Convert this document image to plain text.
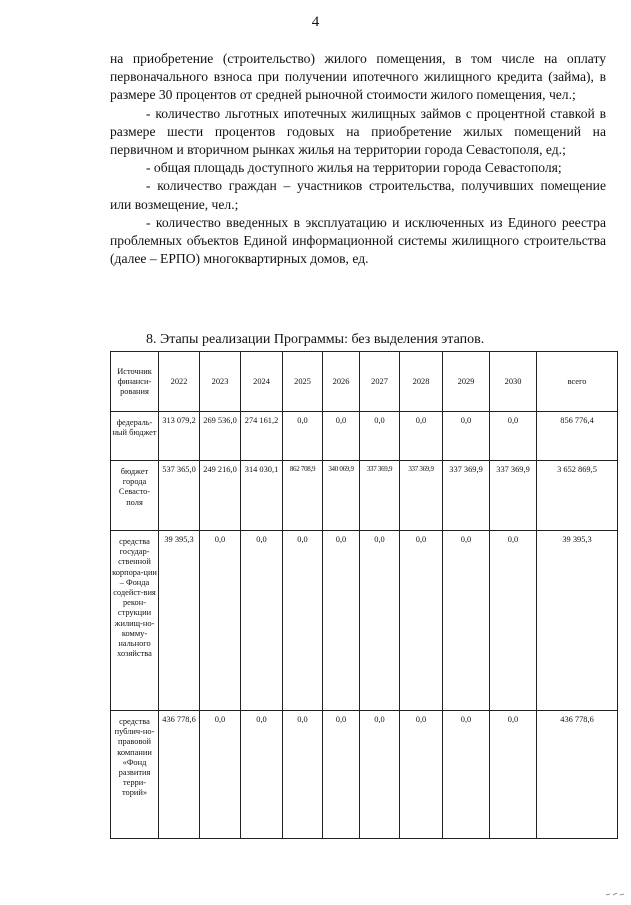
4

на приобретение (строительство) жилого помещения, в том числе на оплату первоначального взноса при получении ипотечного жилищного кредита (займа), в размере 30 процентов от средней рыночной стоимости жилого помещения, чел.;

- количество льготных ипотечных жилищных займов с процентной ставкой в размере шести процентов годовых на приобретение жилых помещений на первичном и вторичном рынках жилья на территории города Севастополя, ед.;

- общая площадь доступного жилья на территории города Севастополя;

- количество граждан – участников строительства, получивших помещение или возмещение, чел.;

- количество введенных в эксплуатацию и исключенных из Единого реестра проблемных объектов Единой информационной системы жилищного строительства (далее – ЕРПО) многоквартирных домов, ед.

8. Этапы реализации Программы: без выделения этапов.
Источник финанси-рования	2022	2023	2024	2025	2026	2027	2028	2029	2030	всего
федераль-ный бюджет	313 079,2	269 536,0	274 161,2	0,0	0,0	0,0	0,0	0,0	0,0	856 776,4
бюджет города Севасто-поля	537 365,0	249 216,0	314 030,1	862 708,9	340 069,9	337 369,9	337 369,9	337 369,9	337 369,9	3 652 869,5
средства государ-ственной корпора-ции – Фонда содейст-вия рекон-струкции жилищ-но-комму-нального хозяйства	39 395,3	0,0	0,0	0,0	0,0	0,0	0,0	0,0	0,0	39 395,3
средства публич-но-правовой компании «Фонд развития терри-торий»	436 778,6	0,0	0,0	0,0	0,0	0,0	0,0	0,0	0,0	436 778,6
